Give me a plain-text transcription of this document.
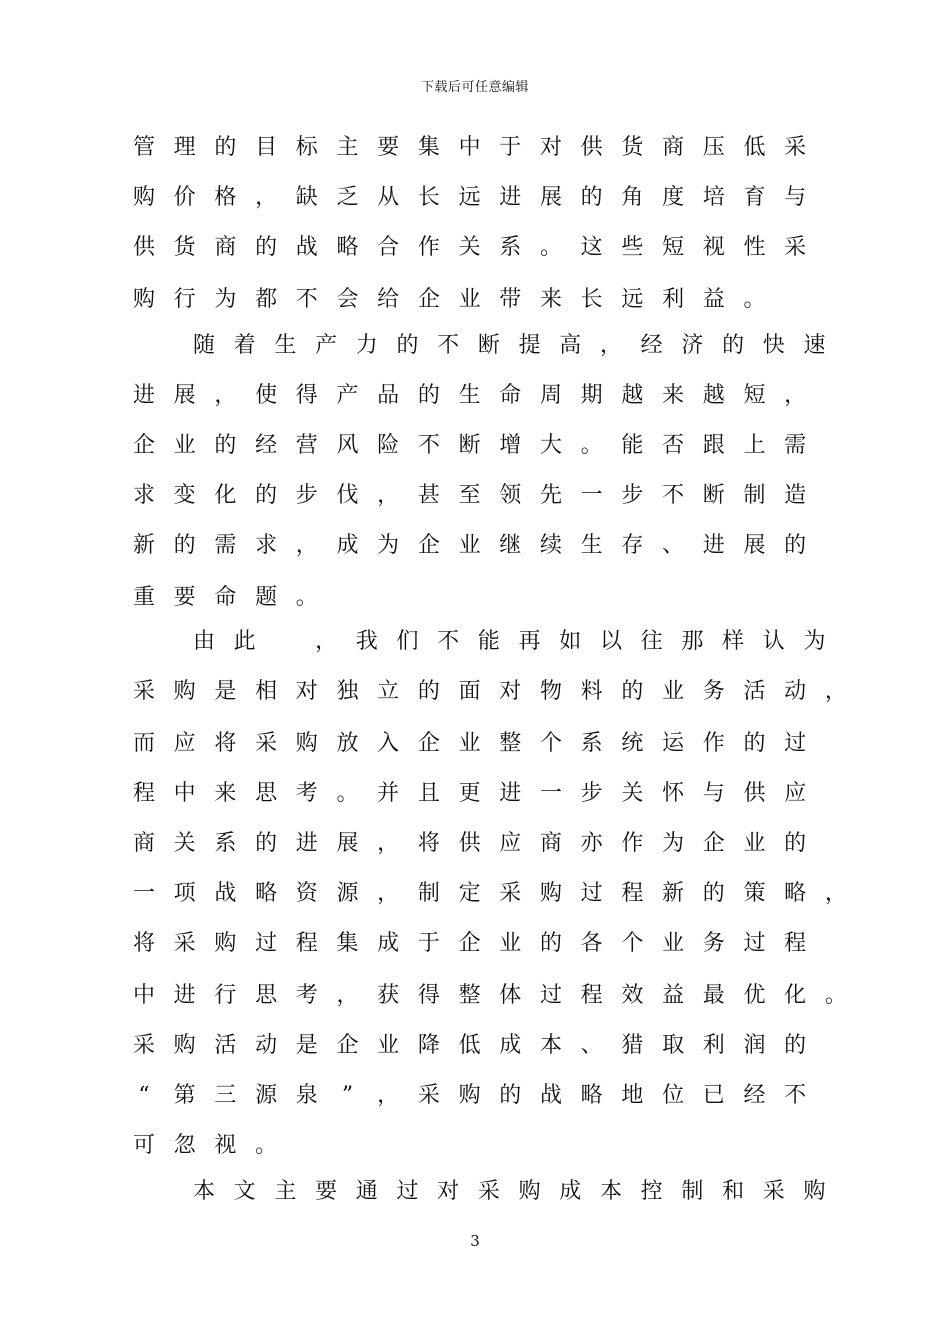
下载后可任意编辑
管 理 的 目 标 主 要 集 中 于 对 供 货 商 压 低 采
购 价 格 ， 缺 乏 从 长 远 进 展 的 角 度 培 育 与
供 货 商 的 战 略 合 作 关 系 。 这 些 短 视 性 采
购 行 为 都 不 会 给 企 业 带 来 长 远 利 益 。
随 着 生 产 力 的 不 断 提 高 ， 经 济 的 快 速
进 展 ， 使 得 产 品 的 生 命 周 期 越 来 越 短 ，
企 业 的 经 营 风 险 不 断 增 大 。 能 否 跟 上 需
求 变 化 的 步 伐 ， 甚 至 领 先 一 步 不 断 制 造
新 的 需 求 ， 成 为 企 业 继 续 生 存 、 进 展 的
重 要 命 题 。
由 此
　	， 我 们 不 能 再 如 以 往 那 样 认 为
采 购 是 相 对 独 立 的 面 对 物 料 的 业 务 活 动 ，
而 应 将 采 购 放 入 企 业 整 个 系 统 运 作 的 过
程 中 来 思 考 。 并 且 更 进 一 步 关 怀 与 供 应
商 关 系 的 进 展 ， 将 供 应 商 亦 作 为 企 业 的
一 项 战 略 资 源 ， 制 定 采 购 过 程 新 的 策 略 ，
将 采 购 过 程 集 成 于 企 业 的 各 个 业 务 过 程
中 进 行 思 考 ， 获 得 整 体 过 程 效 益 最 优 化 。
采 购 活 动 是 企 业 降 低 成 本 、 猎 取 利 润 的
“	第 三 源 泉	”	， 采 购 的 战 略 地 位 已 经 不
可 忽 视 。
本 文 主 要 通 过 对 采 购 成 本 控 制 和 采 购
3
